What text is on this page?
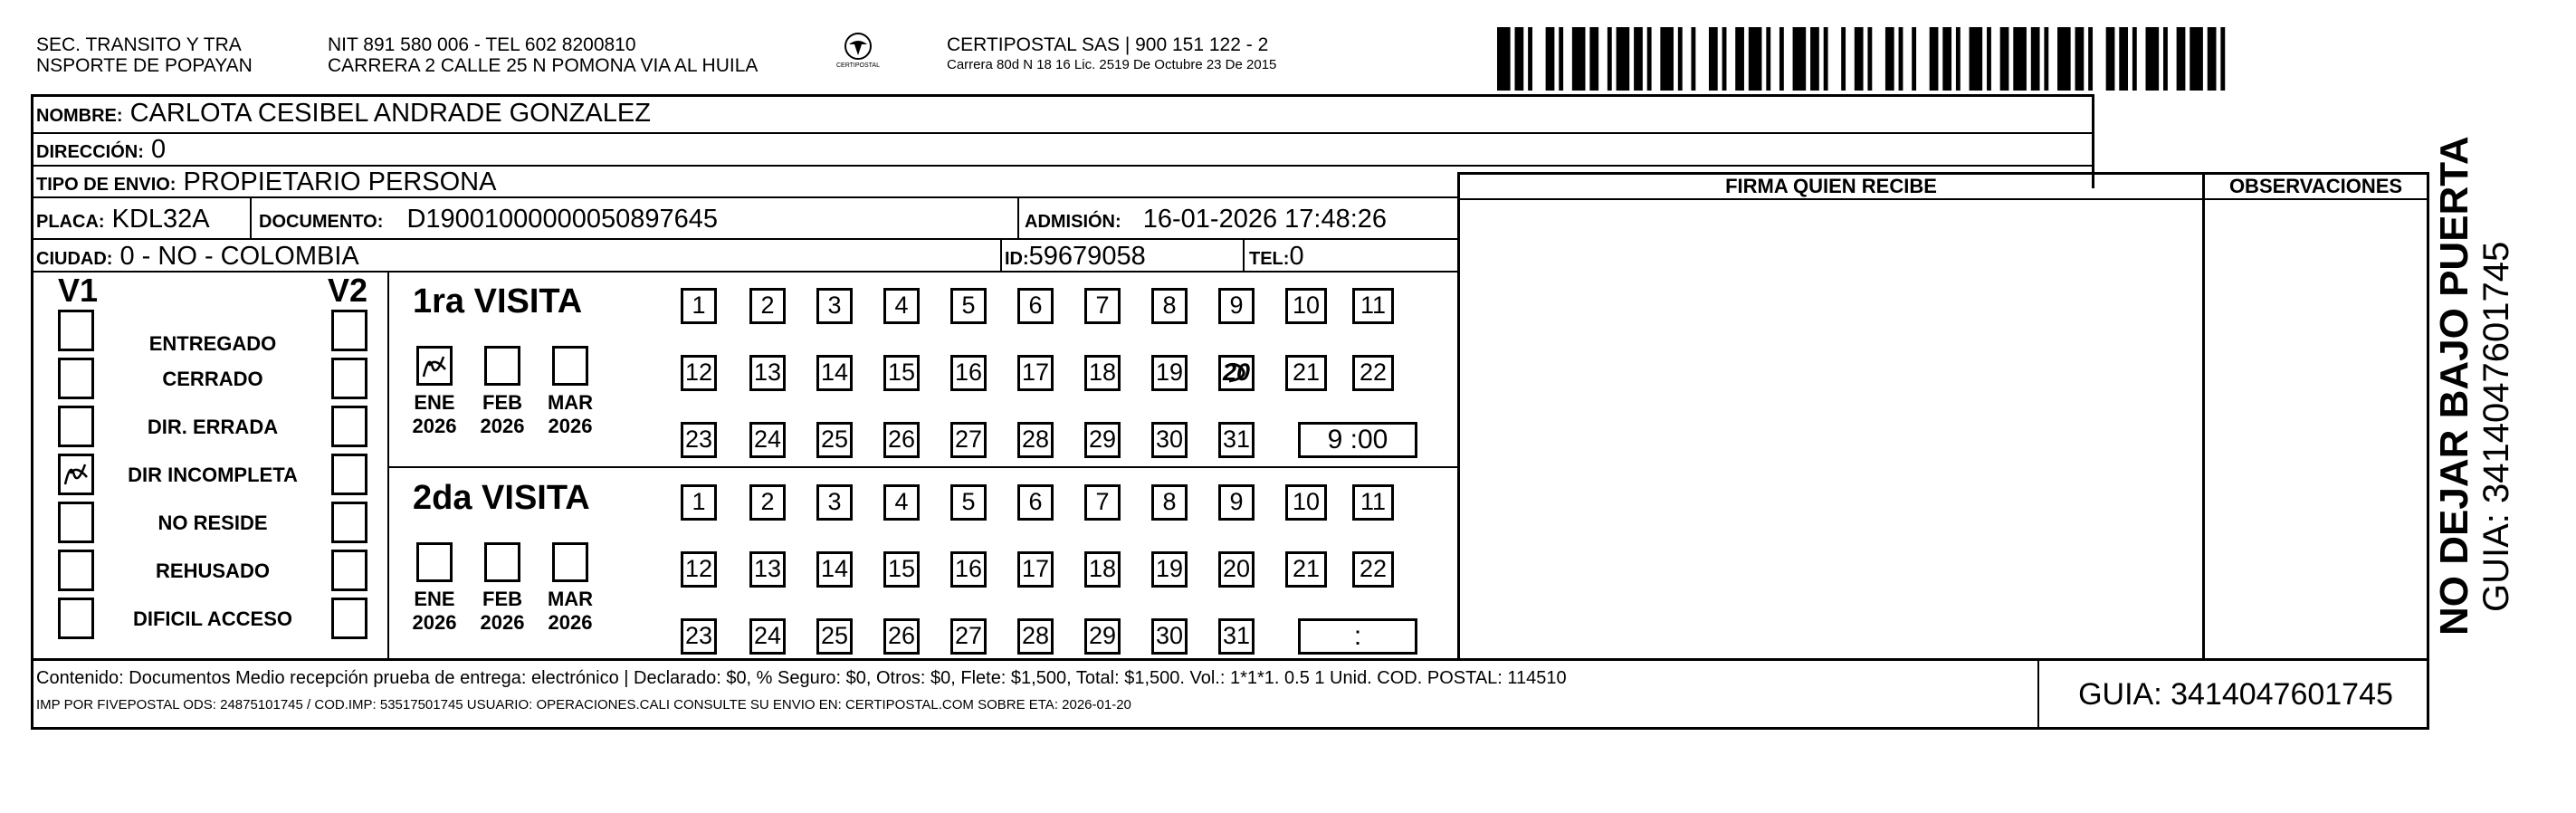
SEC. TRANSITO Y TRA
NSPORTE DE POPAYAN
NIT 891 580 006 - TEL 602 8200810
CARRERA 2 CALLE 25 N POMONA VIA AL HUILA	CERTIPOSTAL
CERTIPOSTAL SAS | 900 151 122 - 2
Carrera 80d N 18 16 Lic. 2519 De Octubre 23 De 2015
NOMBRE: CARLOTA CESIBEL ANDRADE GONZALEZ
DIRECCIÓN: 0
TIPO DE ENVIO: PROPIETARIO PERSONA
PLACA: KDL32A	DOCUMENTO: D19001000000050897645	ADMISIÓN: 16-01-2026 17:48:26
CIUDAD: 0 - NO - COLOMBIA	ID:59679058	TEL:0
FIRMA QUIEN RECIBE	OBSERVACIONES
V1	V2
ENTREGADO
CERRADO
DIR. ERRADA
DIR INCOMPLETA
NO RESIDE
REHUSADO
DIFICIL ACCESO
1ra VISITA
ENE
2026
FEB
2026
MAR
2026
1	2	3	4	5	6	7	8	9	10	11
12 13 14 15 16 17 18 19 20 21 22
23 24 25 26 27 28 29 30 31	9 :00
2da VISITA
ENE
2026
FEB
2026
MAR
2026
1	2	3	4	5	6	7	8	9	10	11
12 13 14 15 16 17 18 19 20 21 22
23 24 25 26 27 28 29 30 31	:
Contenido: Documentos Medio recepción prueba de entrega: electrónico | Declarado: $0, % Seguro: $0, Otros: $0, Flete: $1,500, Total: $1,500. Vol.: 1*1*1. 0.5 1 Unid. COD. POSTAL: 114510
IMP POR FIVEPOSTAL ODS: 24875101745 / COD.IMP: 53517501745 USUARIO: OPERACIONES.CALI CONSULTE SU ENVIO EN: CERTIPOSTAL.COM SOBRE ETA: 2026-01-20	GUIA: 3414047601745
NO DEJAR BAJO PUERTA GUIA: 3414047601745
